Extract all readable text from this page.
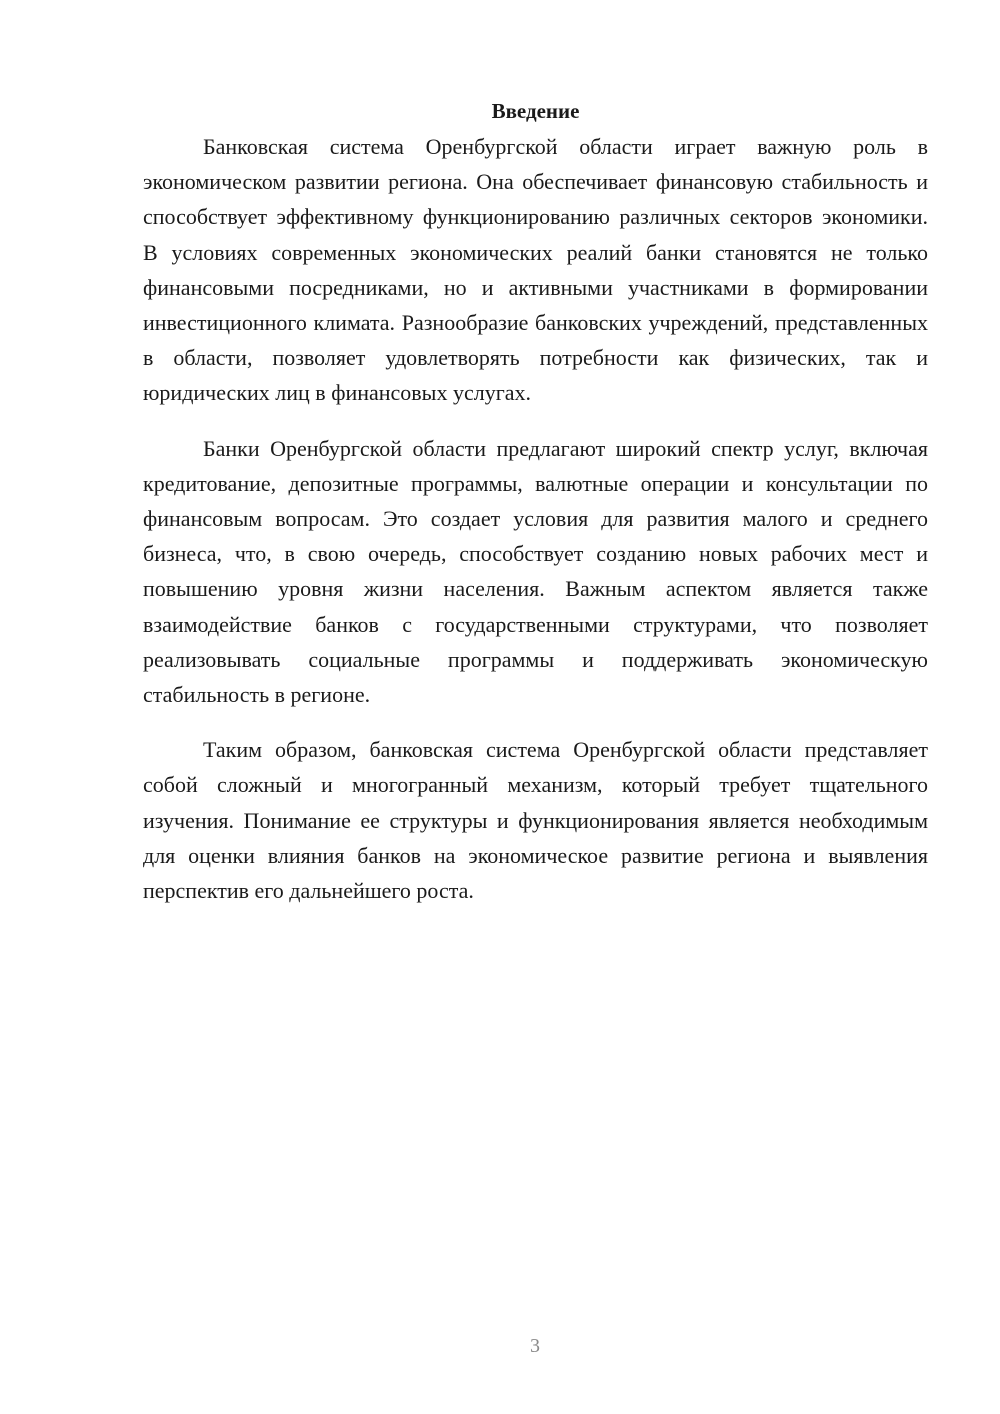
Введение

Банковская система Оренбургской области играет важную роль в экономическом развитии региона. Она обеспечивает финансовую стабильность и способствует эффективному функционированию различных секторов экономики. В условиях современных экономических реалий банки становятся не только финансовыми посредниками, но и активными участниками в формировании инвестиционного климата. Разнообразие банковских учреждений, представленных в области, позволяет удовлетворять потребности как физических, так и юридических лиц в финансовых услугах.

Банки Оренбургской области предлагают широкий спектр услуг, включая кредитование, депозитные программы, валютные операции и консультации по финансовым вопросам. Это создает условия для развития малого и среднего бизнеса, что, в свою очередь, способствует созданию новых рабочих мест и повышению уровня жизни населения. Важным аспектом является также взаимодействие банков с государственными структурами, что позволяет реализовывать социальные программы и поддерживать экономическую стабильность в регионе.

Таким образом, банковская система Оренбургской области представляет собой сложный и многогранный механизм, который требует тщательного изучения. Понимание ее структуры и функционирования является необходимым для оценки влияния банков на экономическое развитие региона и выявления перспектив его дальнейшего роста.

3
